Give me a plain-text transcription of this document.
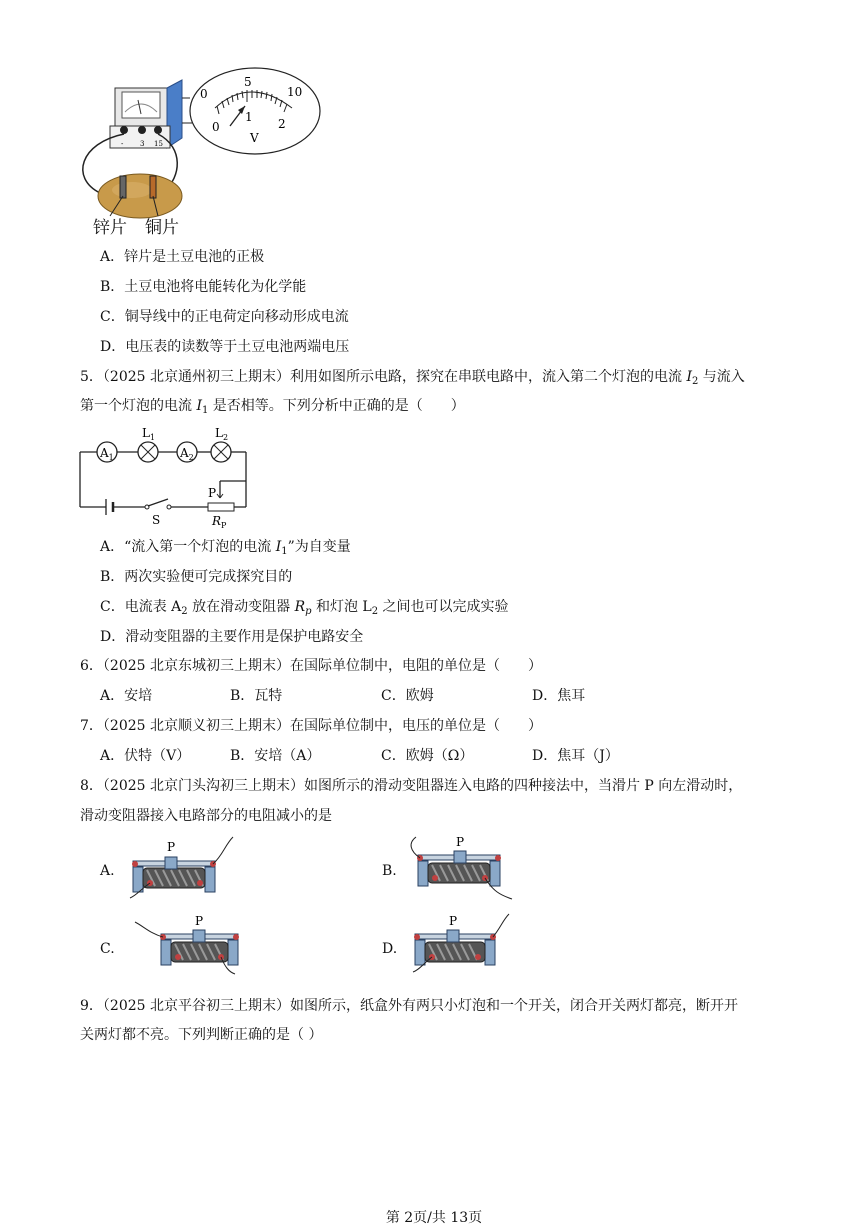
- 3 15
0
5
10
0
1 2
V
锌片 铜片
A．锌片是土豆电池的正极
B．土豆电池将电能转化为化学能
C．铜导线中的正电荷定向移动形成电流
D．电压表的读数等于土豆电池两端电压
5．（2025 北京通州初三上期末）利用如图所示电路，探究在串联电路中，流入第二个灯泡的电流 $I_2$ 与流入
第一个灯泡的电流 $I_1$ 是否相等。下列分析中正确的是（　　）
$A_1$	$A_2$
$L_1$	$L_2$
S
P
$R_P$
A．“流入第一个灯泡的电流 $I_1$”为自变量
B．两次实验便可完成探究目的
C．电流表 $A_2$ 放在滑动变阻器 $R_p$ 和灯泡 $L_2$ 之间也可以完成实验
D．滑动变阻器的主要作用是保护电路安全
6．（2025 北京东城初三上期末）在国际单位制中，电阻的单位是（　　）
A．安培	B．瓦特	C．欧姆	D．焦耳
7．（2025 北京顺义初三上期末）在国际单位制中，电压的单位是（　　）
A．伏特（V）	B．安培（A）	C．欧姆（Ω）	D．焦耳（J）
8．（2025 北京门头沟初三上期末）如图所示的滑动变阻器连入电路的四种接法中，当滑片 P 向左滑动时，
滑动变阻器接入电路部分的电阻减小的是
A.	B.
C.	D.
P	P
P	P
9．（2025 北京平谷初三上期末）如图所示，纸盒外有两只小灯泡和一个开关，闭合开关两灯都亮，断开开
关两灯都不亮。下列判断正确的是（ ）
第 2页/共 13页
